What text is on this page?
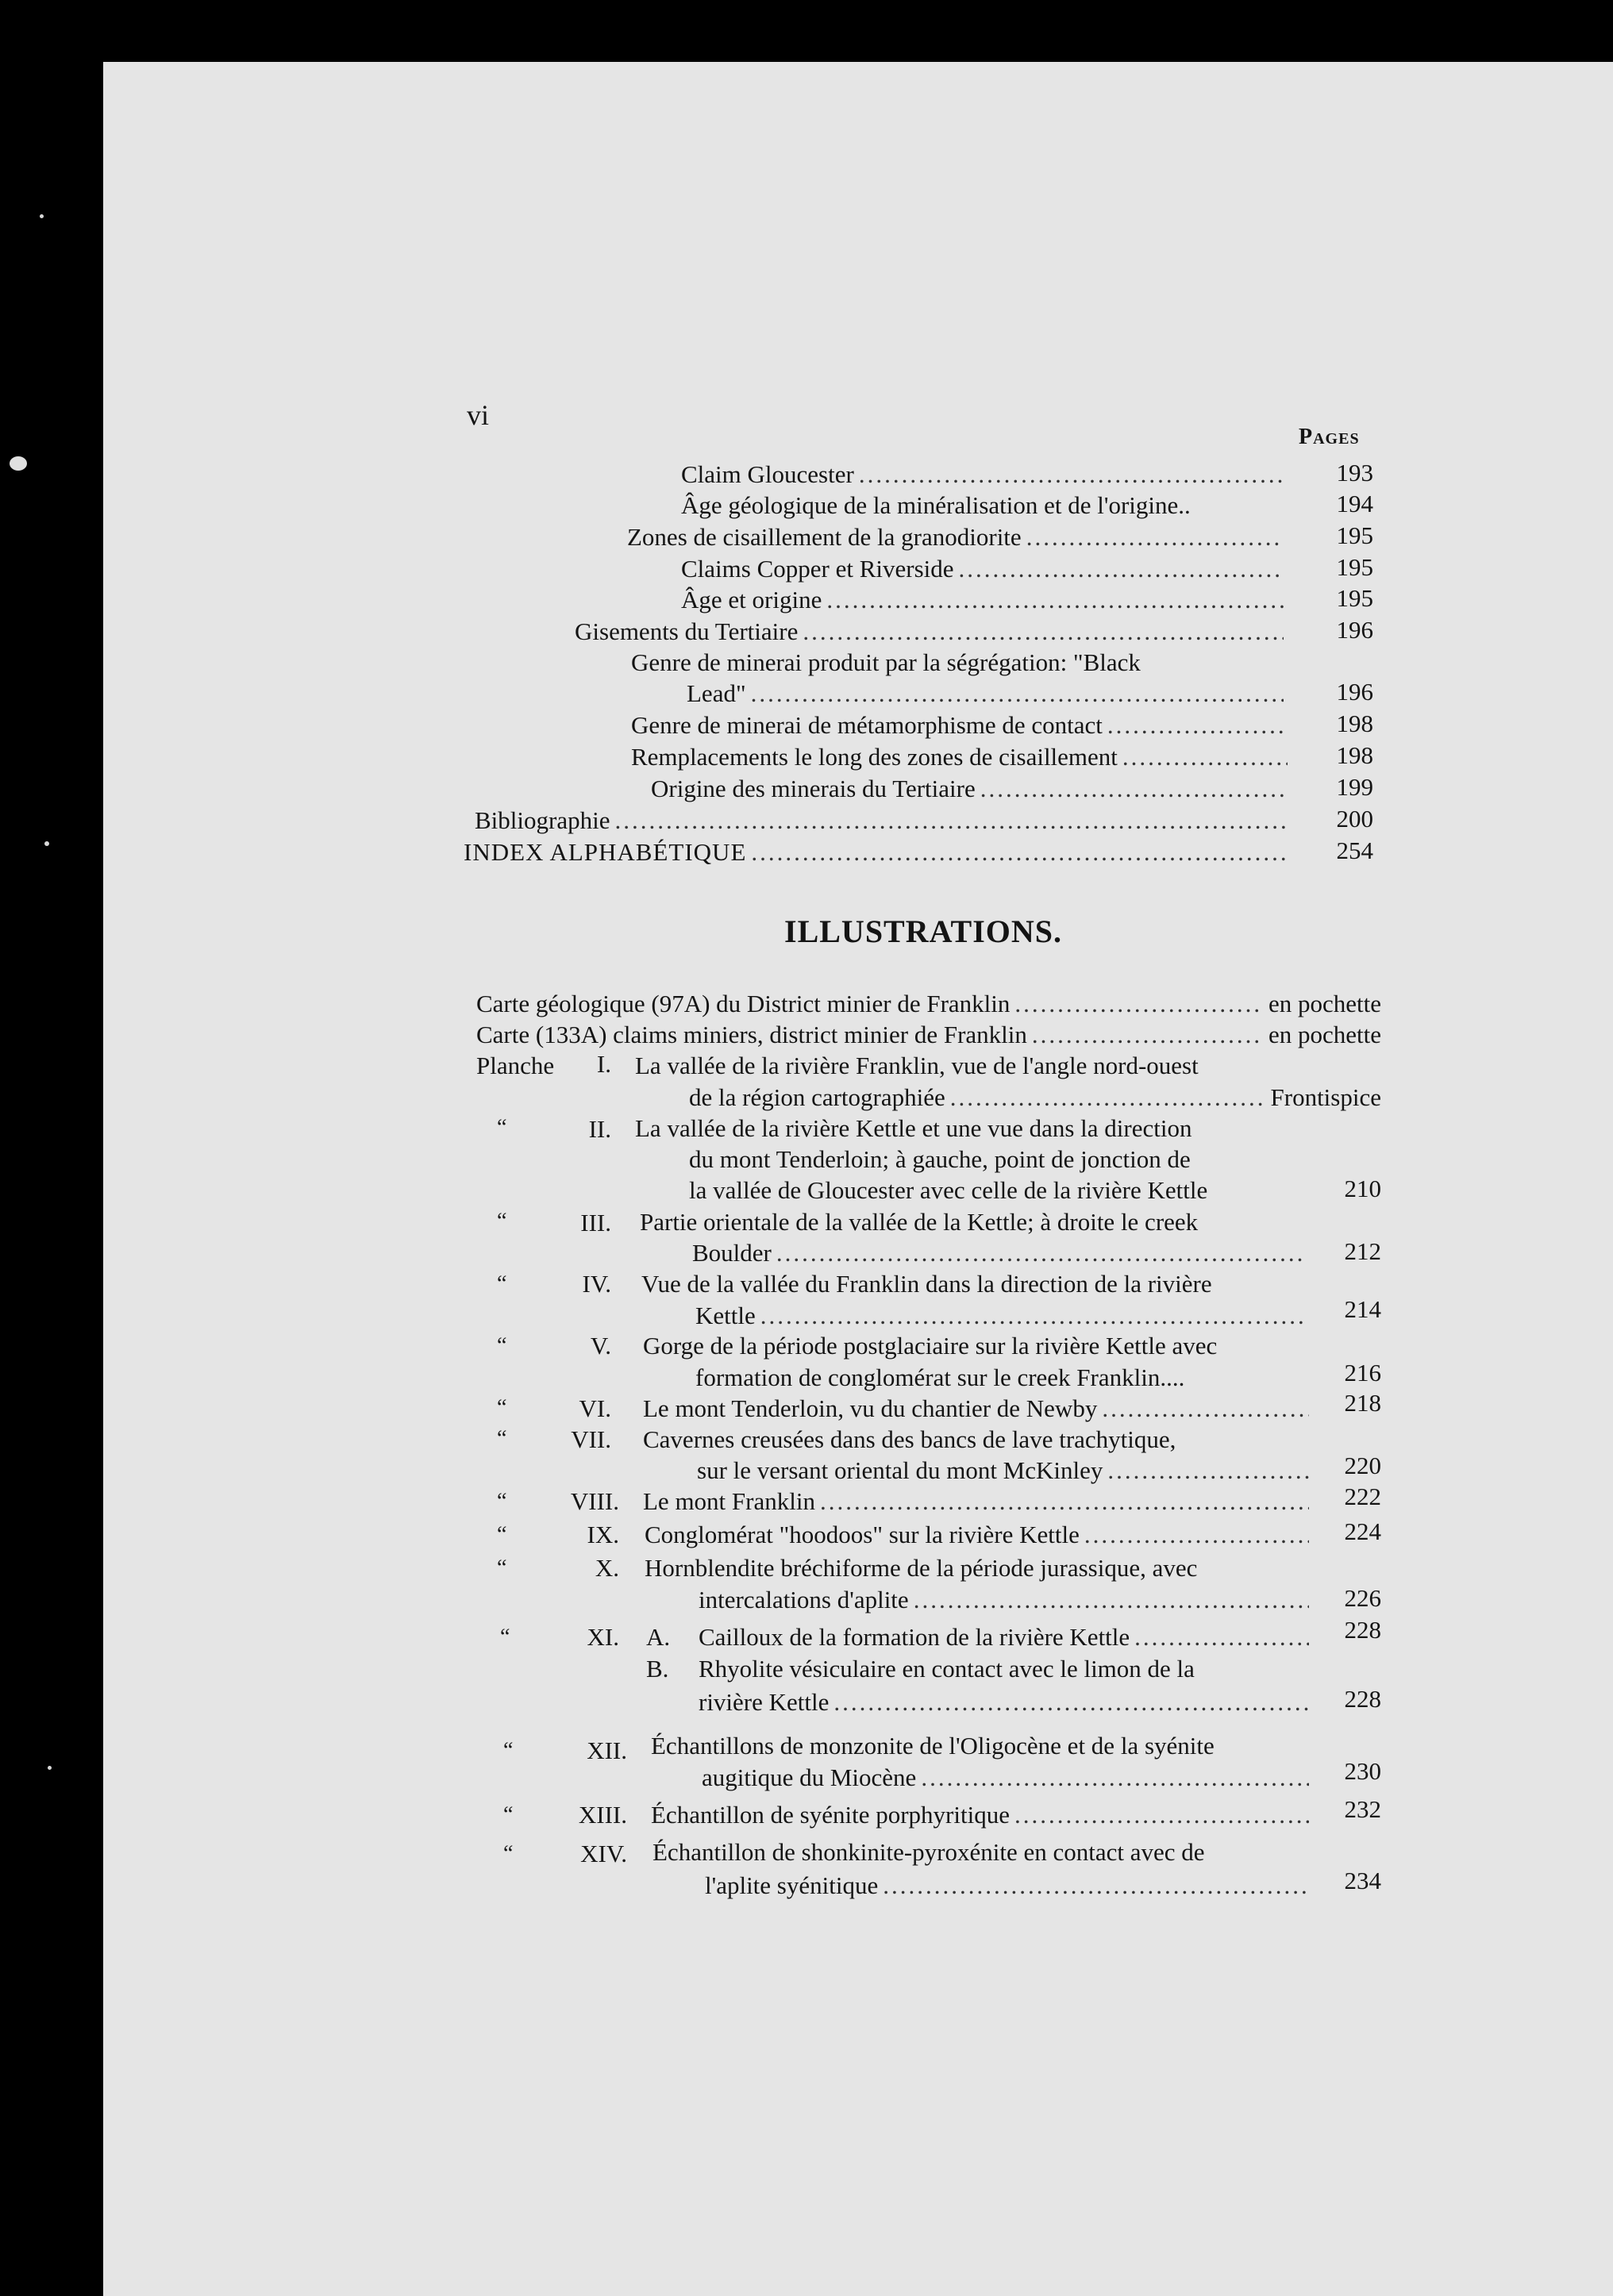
vi
Pages
Claim Gloucester .....	193
Âge géologique de la minéralisation et de l'origine..	194
Zones de cisaillement de la granodiorite .....	195
Claims Copper et Riverside .....	195
Âge et origine .....	195
Gisements du Tertiaire .....	196
Genre de minerai produit par la ségrégation: "Black
Lead" .....	196
Genre de minerai de métamorphisme de contact .....	198
Remplacements le long des zones de cisaillement .....	198
Origine des minerais du Tertiaire .....	199
Bibliographie .....	200
INDEX ALPHABÉTIQUE .....	254
ILLUSTRATIONS.
Carte géologique (97A) du District minier de Franklin .....	en pochette
Carte (133A) claims miniers, district minier de Franklin .....	en pochette
Planche	I. La vallée de la rivière Franklin, vue de l'angle nord-ouest
de la région cartographiée .....	Frontispice
“	II. La vallée de la rivière Kettle et une vue dans la direction
du mont Tenderloin; à gauche, point de jonction de
la vallée de Gloucester avec celle de la rivière Kettle	210
“	III. Partie orientale de la vallée de la Kettle; à droite le creek
Boulder .....	212
“	IV. Vue de la vallée du Franklin dans la direction de la rivière
Kettle .....	214
“	V. Gorge de la période postglaciaire sur la rivière Kettle avec
formation de conglomérat sur le creek Franklin....	216
“	VI. Le mont Tenderloin, vu du chantier de Newby .....	218
“	VII. Cavernes creusées dans des bancs de lave trachytique,
sur le versant oriental du mont McKinley .....	220
“	VIII. Le mont Franklin .....	222
“	IX. Conglomérat "hoodoos" sur la rivière Kettle .....	224
“	X. Hornblendite bréchiforme de la période jurassique, avec
intercalations d'aplite .....	226
“	XI. A. Cailloux de la formation de la rivière Kettle .....	228
B. Rhyolite vésiculaire en contact avec le limon de la
rivière Kettle .....	228
“	XII. Échantillons de monzonite de l'Oligocène et de la syénite
augitique du Miocène .....	230
“	XIII. Échantillon de syénite porphyritique .....	232
“	XIV. Échantillon de shonkinite-pyroxénite en contact avec de
l'aplite syénitique .....	234
